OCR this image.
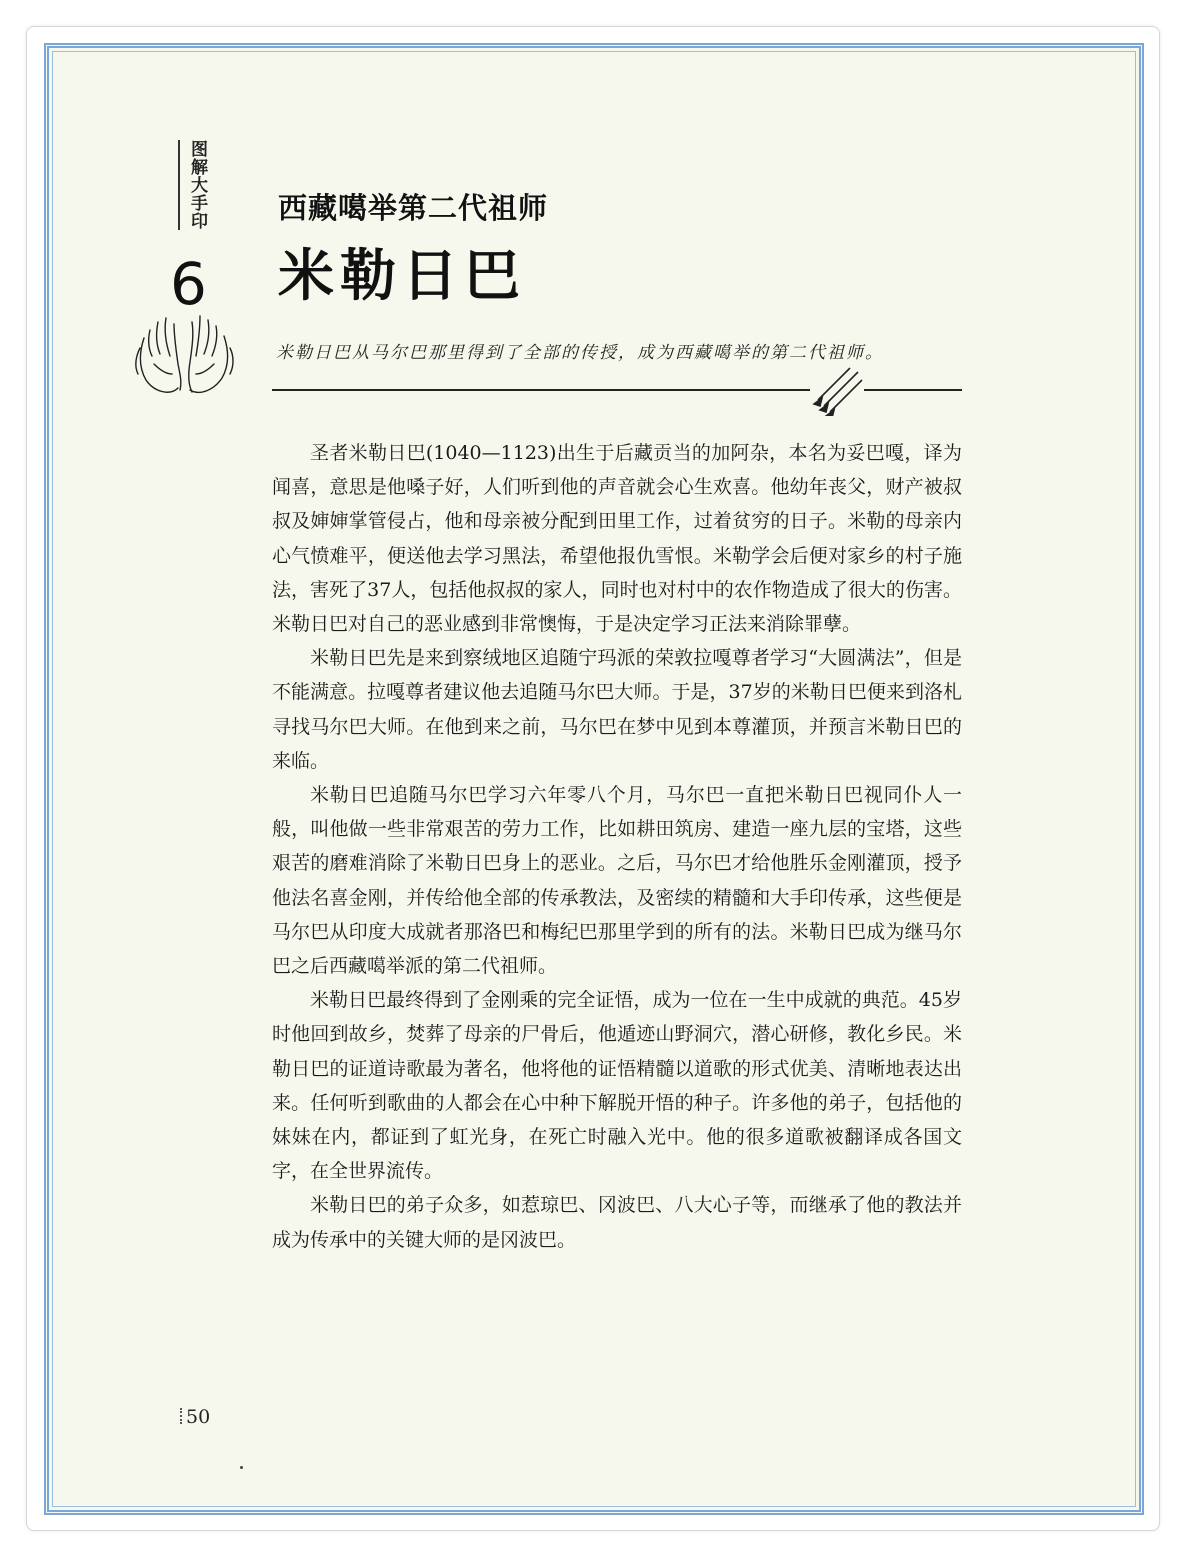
图解大手印
6
西藏噶举第二代祖师
米勒日巴
米勒日巴从马尔巴那里得到了全部的传授，成为西藏噶举的第二代祖师。

圣者米勒日巴(1040—1123)出生于后藏贡当的加阿杂，本名为妥巴嘎，译为闻喜，意思是他嗓子好，人们听到他的声音就会心生欢喜。他幼年丧父，财产被叔叔及婶婶掌管侵占，他和母亲被分配到田里工作，过着贫穷的日子。米勒的母亲内心气愤难平，便送他去学习黑法，希望他报仇雪恨。米勒学会后便对家乡的村子施法，害死了37人，包括他叔叔的家人，同时也对村中的农作物造成了很大的伤害。米勒日巴对自己的恶业感到非常懊悔，于是决定学习正法来消除罪孽。

米勒日巴先是来到察绒地区追随宁玛派的荣敦拉嘎尊者学习“大圆满法”，但是不能满意。拉嘎尊者建议他去追随马尔巴大师。于是，37岁的米勒日巴便来到洛札寻找马尔巴大师。在他到来之前，马尔巴在梦中见到本尊灌顶，并预言米勒日巴的来临。

米勒日巴追随马尔巴学习六年零八个月，马尔巴一直把米勒日巴视同仆人一般，叫他做一些非常艰苦的劳力工作，比如耕田筑房、建造一座九层的宝塔，这些艰苦的磨难消除了米勒日巴身上的恶业。之后，马尔巴才给他胜乐金刚灌顶，授予他法名喜金刚，并传给他全部的传承教法，及密续的精髓和大手印传承，这些便是马尔巴从印度大成就者那洛巴和梅纪巴那里学到的所有的法。米勒日巴成为继马尔巴之后西藏噶举派的第二代祖师。

米勒日巴最终得到了金刚乘的完全证悟，成为一位在一生中成就的典范。45岁时他回到故乡，焚葬了母亲的尸骨后，他遁迹山野洞穴，潜心研修，教化乡民。米勒日巴的证道诗歌最为著名，他将他的证悟精髓以道歌的形式优美、清晰地表达出来。任何听到歌曲的人都会在心中种下解脱开悟的种子。许多他的弟子，包括他的妹妹在内，都证到了虹光身，在死亡时融入光中。他的很多道歌被翻译成各国文字，在全世界流传。

米勒日巴的弟子众多，如惹琼巴、冈波巴、八大心子等，而继承了他的教法并成为传承中的关键大师的是冈波巴。

50
